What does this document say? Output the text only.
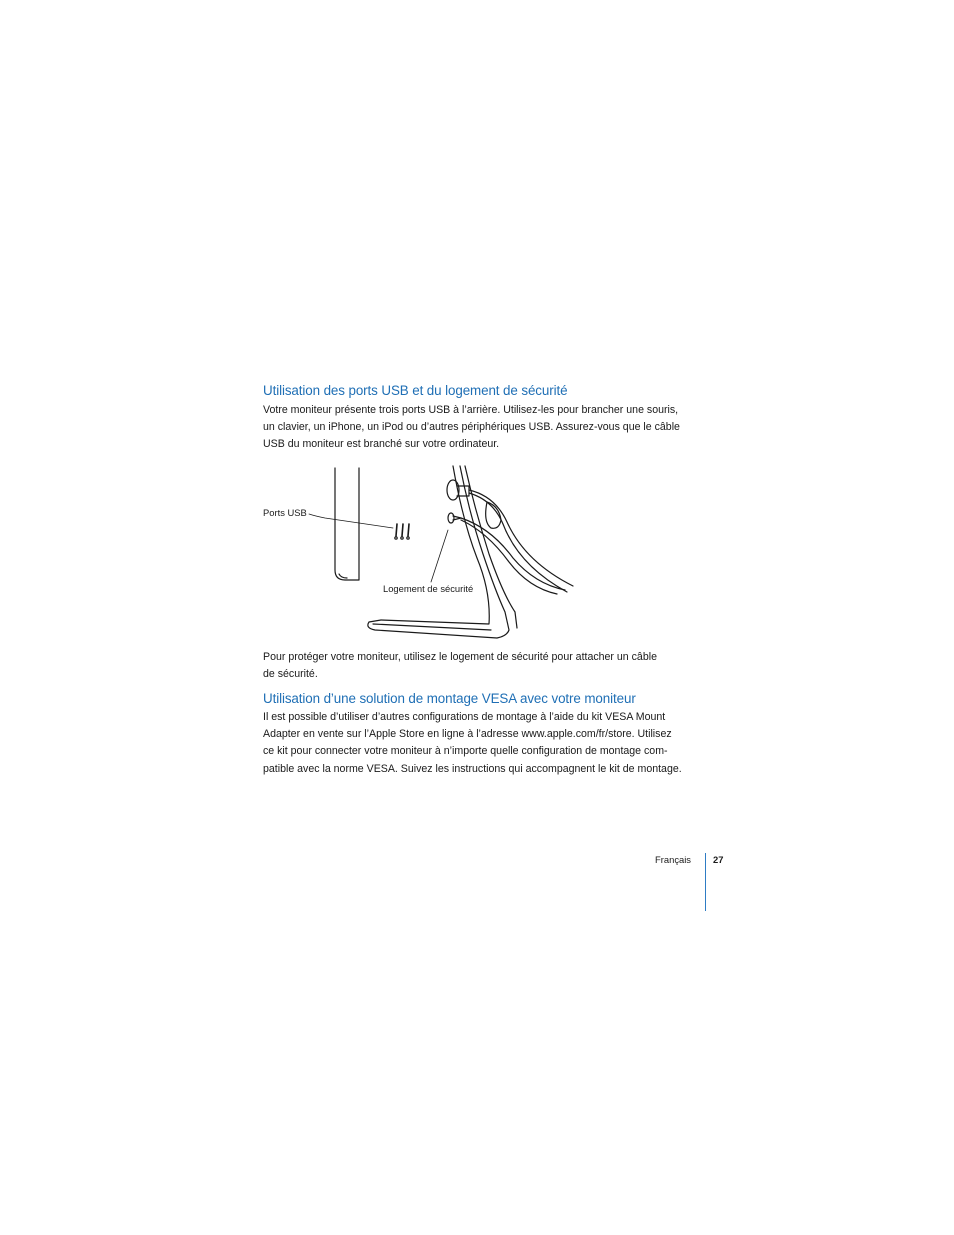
Utilisation des ports USB et du logement de sécurité
Votre moniteur présente trois ports USB à l’arrière. Utilisez-les pour brancher une souris,
un clavier, un iPhone, un iPod ou d’autres périphériques USB. Assurez-vous que le câble
USB du moniteur est branché sur votre ordinateur.
Ports USB
Logement de sécurité
Pour protéger votre moniteur, utilisez le logement de sécurité pour attacher un câble
de sécurité.
Utilisation d’une solution de montage VESA avec votre moniteur
Il est possible d’utiliser d’autres configurations de montage à l’aide du kit VESA Mount
Adapter en vente sur l’Apple Store en ligne à l’adresse www.apple.com/fr/store. Utilisez
ce kit pour connecter votre moniteur à n’importe quelle configuration de montage com-
patible avec la norme VESA. Suivez les instructions qui accompagnent le kit de montage.
Français 27
